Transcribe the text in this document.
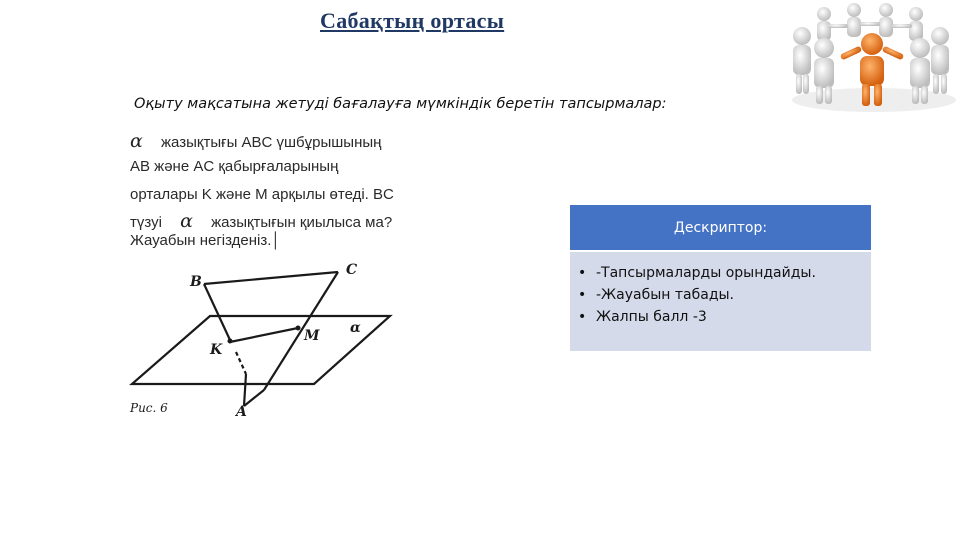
Сабақтың ортасы
Оқыту мақсатына жетуді бағалауға мүмкіндік беретін тапсырмалар:
α жазықтығы ABC үшбұрышының
AB және AC қабырғаларының
орталары K және M арқылы өтеді. BC
түзуі α жазықтығын қиылыса ма?
Жауабын негізденіз.│
B
C
K
M
A
α
Рис. 6
Дескриптор:
• -Тапсырмаларды орындайды.
• -Жауабын табады.
• Жалпы балл -3
